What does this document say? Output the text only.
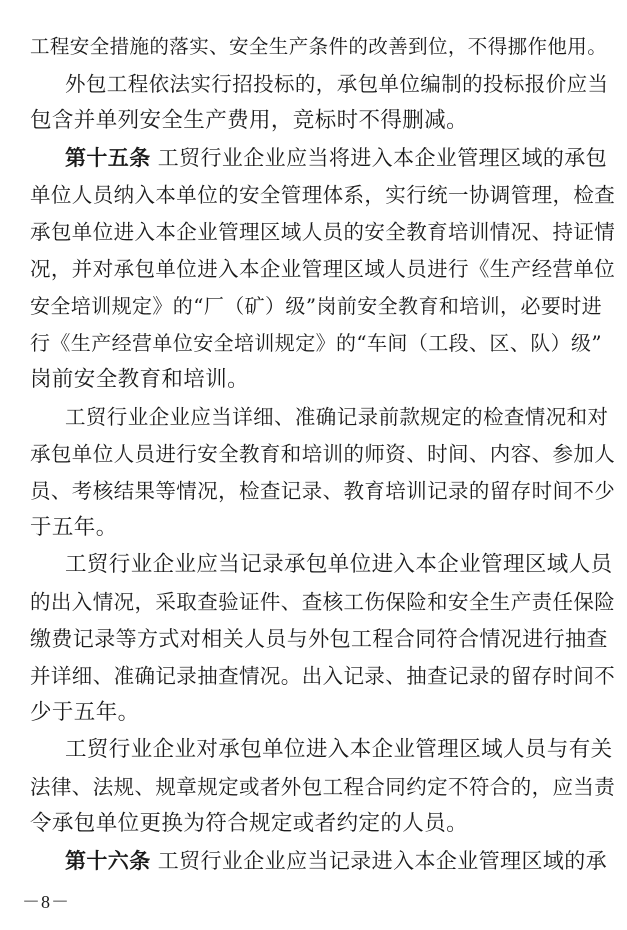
工程安全措施的落实、安全生产条件的改善到位，不得挪作他用。
外包工程依法实行招投标的，承包单位编制的投标报价应当
包含并单列安全生产费用，竞标时不得删减。
第十五条 工贸行业企业应当将进入本企业管理区域的承包
单位人员纳入本单位的安全管理体系，实行统一协调管理，检查
承包单位进入本企业管理区域人员的安全教育培训情况、持证情
况，并对承包单位进入本企业管理区域人员进行《生产经营单位
安全培训规定》的“厂（矿）级”岗前安全教育和培训，必要时进
行《生产经营单位安全培训规定》的“车间（工段、区、队）级”
岗前安全教育和培训。
工贸行业企业应当详细、准确记录前款规定的检查情况和对
承包单位人员进行安全教育和培训的师资、时间、内容、参加人
员、考核结果等情况，检查记录、教育培训记录的留存时间不少
于五年。
工贸行业企业应当记录承包单位进入本企业管理区域人员
的出入情况，采取查验证件、查核工伤保险和安全生产责任保险
缴费记录等方式对相关人员与外包工程合同符合情况进行抽查
并详细、准确记录抽查情况。出入记录、抽查记录的留存时间不
少于五年。
工贸行业企业对承包单位进入本企业管理区域人员与有关
法律、法规、规章规定或者外包工程合同约定不符合的，应当责
令承包单位更换为符合规定或者约定的人员。
第十六条 工贸行业企业应当记录进入本企业管理区域的承
－8－
